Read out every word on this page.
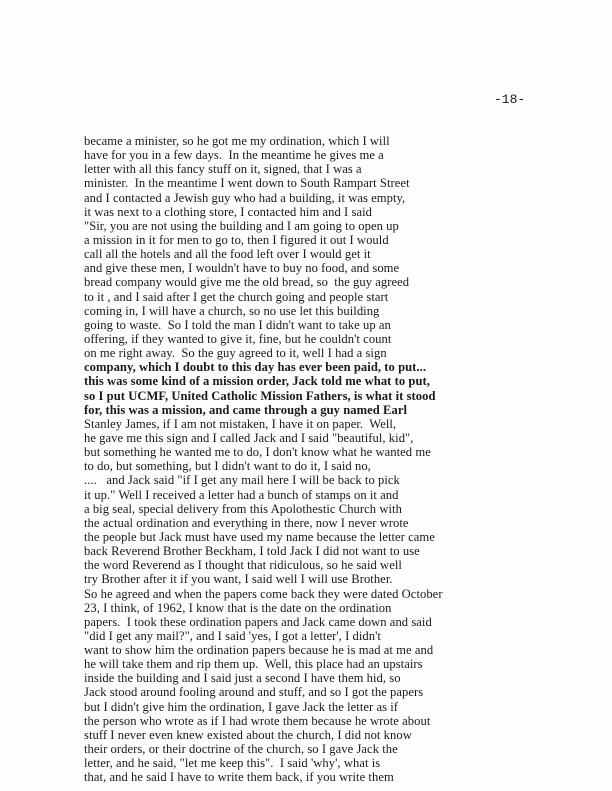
-18-
became a minister, so he got me my ordination, which I will
have for you in a few days.  In the meantime he gives me a
letter with all this fancy stuff on it, signed, that I was a
minister.  In the meantime I went down to South Rampart Street
and I contacted a Jewish guy who had a building, it was empty,
it was next to a clothing store, I contacted him and I said
"Sir, you are not using the building and I am going to open up
a mission in it for men to go to, then I figured it out I would
call all the hotels and all the food left over I would get it
and give these men, I wouldn't have to buy no food, and some
bread company would give me the old bread, so  the guy agreed
to it , and I said after I get the church going and people start
coming in, I will have a church, so no use let this building
going to waste.  So I told the man I didn't want to take up an
offering, if they wanted to give it, fine, but he couldn't count
on me right away.  So the guy agreed to it, well I had a sign
company, which I doubt to this day has ever been paid, to put...
this was some kind of a mission order, Jack told me what to put,
so I put UCMF, United Catholic Mission Fathers, is what it stood
for, this was a mission, and came through a guy named Earl
Stanley James, if I am not mistaken, I have it on paper.  Well,
he gave me this sign and I called Jack and I said "beautiful, kid",
but something he wanted me to do, I don't know what he wanted me
to do, but something, but I didn't want to do it, I said no,
....   and Jack said "if I get any mail here I will be back to pick
it up." Well I received a letter had a bunch of stamps on it and
a big seal, special delivery from this Apolothestic Church with
the actual ordination and everything in there, now I never wrote
the people but Jack must have used my name because the letter came
back Reverend Brother Beckham, I told Jack I did not want to use
the word Reverend as I thought that ridiculous, so he said well
try Brother after it if you want, I said well I will use Brother.
So he agreed and when the papers come back they were dated October
23, I think, of 1962, I know that is the date on the ordination
papers.  I took these ordination papers and Jack came down and said
"did I get any mail?", and I said 'yes, I got a letter', I didn't
want to show him the ordination papers because he is mad at me and
he will take them and rip them up.  Well, this place had an upstairs
inside the building and I said just a second I have them hid, so
Jack stood around fooling around and stuff, and so I got the papers
but I didn't give him the ordination, I gave Jack the letter as if
the person who wrote as if I had wrote them because he wrote about
stuff I never even knew existed about the church, I did not know
their orders, or their doctrine of the church, so I gave Jack the
letter, and he said, "let me keep this".  I said 'why', what is
that, and he said I have to write them back, if you write them
